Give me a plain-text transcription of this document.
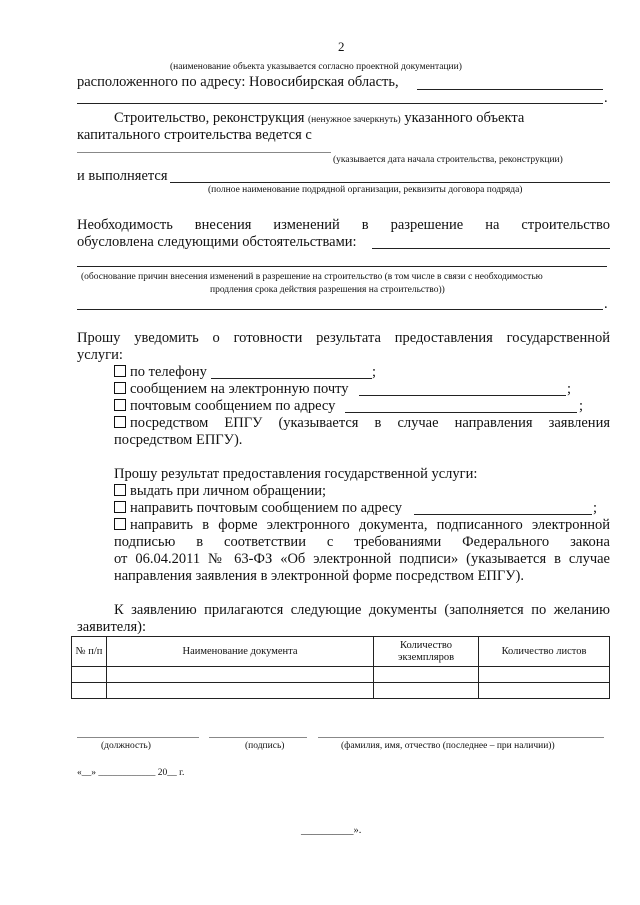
2
(наименование объекта указывается согласно проектной документации)
расположенного по адресу: Новосибирская область,
.
Строительство, реконструкция (ненужное зачеркнуть) указанного объекта
капитального строительства ведется с
(указывается дата начала строительства, реконструкции)
и выполняется
(полное наименование подрядной организации, реквизиты договора подряда)
Необходимость внесения изменений в разрешение на строительство
обусловлена следующими обстоятельствами:
(обоснование причин внесения изменений в разрешение на строительство (в том числе в связи с необходимостью
продления срока действия разрешения на строительство))
.
Прошу уведомить о готовности результата предоставления государственной
услуги:
по телефону	;
сообщением на электронную почту	;
почтовым сообщением по адресу	;
посредством ЕПГУ (указывается в случае направления заявления
посредством ЕПГУ).
Прошу результат предоставления государственной услуги:
выдать при личном обращении;
направить почтовым сообщением по адресу	;
направить в форме электронного документа, подписанного электронной
подписью в соответствии с требованиями Федерального закона
от 06.04.2011 № 63-ФЗ «Об электронной подписи» (указывается в случае
направления заявления в электронной форме посредством ЕПГУ).
К заявлению прилагаются следующие документы (заполняется по желанию
заявителя):
№ п/п	Наименование документа	Количество экземпляров	Количество листов

(должность)	(подпись)	(фамилия, имя, отчество (последнее – при наличии))
«__» ____________ 20__ г.
__________».
